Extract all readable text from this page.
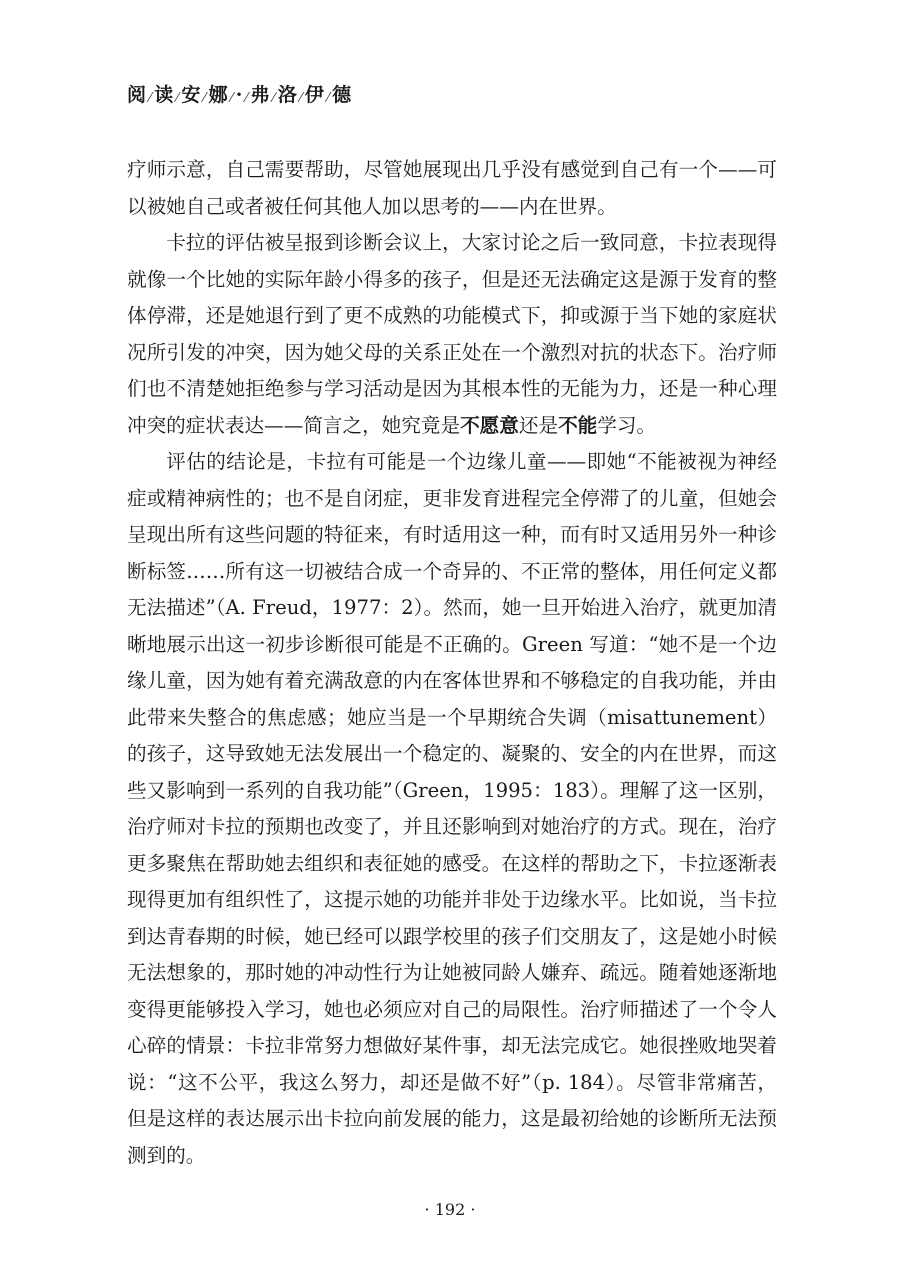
阅 ⁄ 读 ⁄ 安 ⁄ 娜 ⁄ · ⁄ 弗 ⁄ 洛 ⁄ 伊 ⁄ 德

疗师示意，自己需要帮助，尽管她展现出几乎没有感觉到自己有一个——可以被她自己或者被任何其他人加以思考的——内在世界。

卡拉的评估被呈报到诊断会议上，大家讨论之后一致同意，卡拉表现得就像一个比她的实际年龄小得多的孩子，但是还无法确定这是源于发育的整体停滞，还是她退行到了更不成熟的功能模式下，抑或源于当下她的家庭状况所引发的冲突，因为她父母的关系正处在一个激烈对抗的状态下。治疗师们也不清楚她拒绝参与学习活动是因为其根本性的无能为力，还是一种心理冲突的症状表达——简言之，她究竟是不愿意还是不能学习。

评估的结论是，卡拉有可能是一个边缘儿童——即她“不能被视为神经症或精神病性的；也不是自闭症，更非发育进程完全停滞了的儿童，但她会呈现出所有这些问题的特征来，有时适用这一种，而有时又适用另外一种诊断标签……所有这一切被结合成一个奇异的、不正常的整体，用任何定义都无法描述”（A. Freud，1977：2）。然而，她一旦开始进入治疗，就更加清晰地展示出这一初步诊断很可能是不正确的。Green 写道：“她不是一个边缘儿童，因为她有着充满敌意的内在客体世界和不够稳定的自我功能，并由此带来失整合的焦虑感；她应当是一个早期统合失调（misattunement）的孩子，这导致她无法发展出一个稳定的、凝聚的、安全的内在世界，而这些又影响到一系列的自我功能”（Green，1995：183）。理解了这一区别，治疗师对卡拉的预期也改变了，并且还影响到对她治疗的方式。现在，治疗更多聚焦在帮助她去组织和表征她的感受。在这样的帮助之下，卡拉逐渐表现得更加有组织性了，这提示她的功能并非处于边缘水平。比如说，当卡拉到达青春期的时候，她已经可以跟学校里的孩子们交朋友了，这是她小时候无法想象的，那时她的冲动性行为让她被同龄人嫌弃、疏远。随着她逐渐地变得更能够投入学习，她也必须应对自己的局限性。治疗师描述了一个令人心碎的情景：卡拉非常努力想做好某件事，却无法完成它。她很挫败地哭着说：“这不公平，我这么努力，却还是做不好”（p. 184）。尽管非常痛苦，但是这样的表达展示出卡拉向前发展的能力，这是最初给她的诊断所无法预测到的。

· 192 ·
